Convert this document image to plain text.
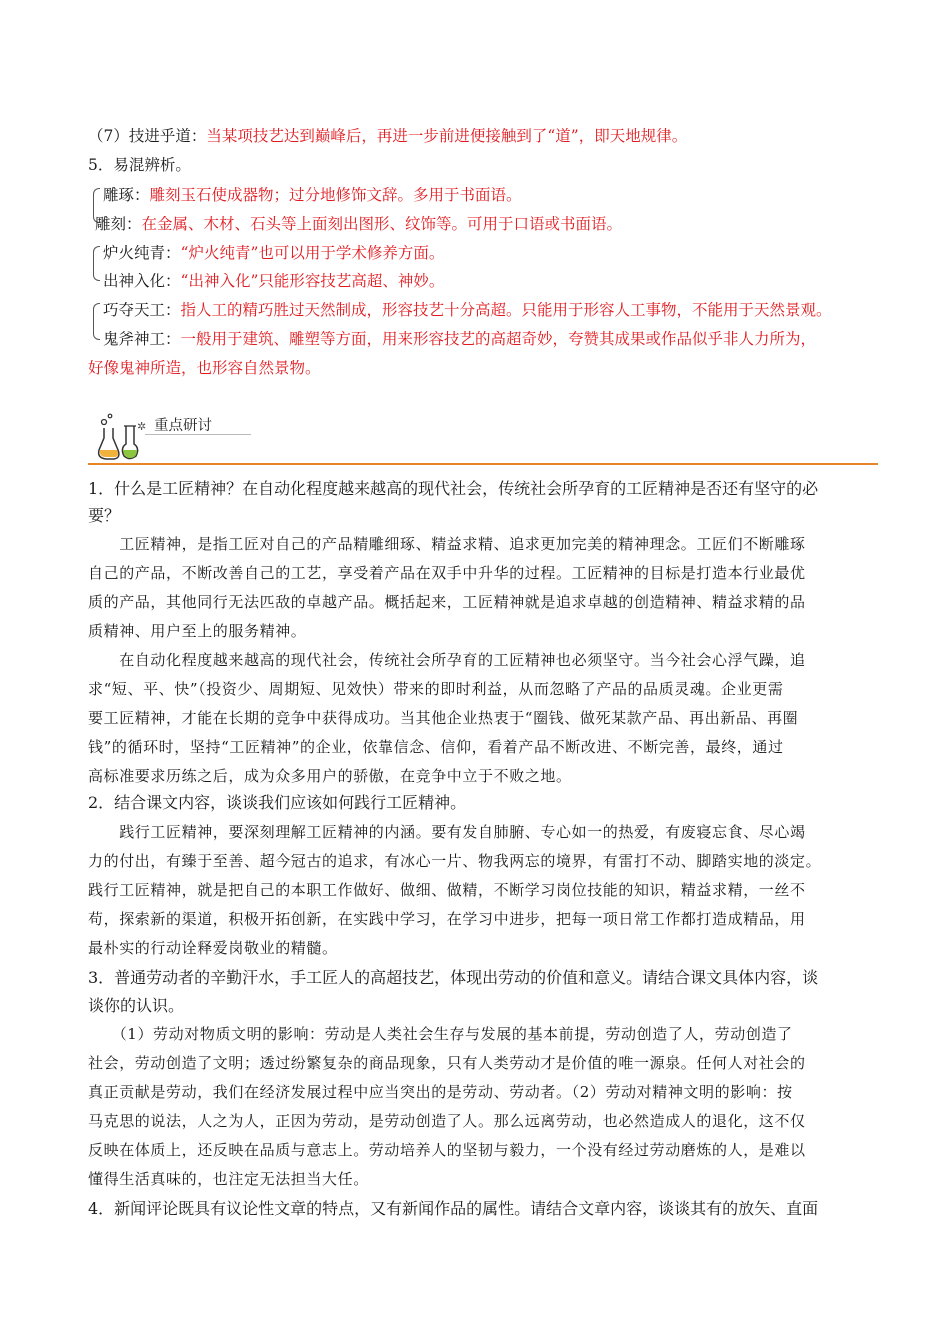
（7）技进乎道：当某项技艺达到巅峰后，再进一步前进便接触到了“道”，即天地规律。
5．易混辨析。
雕琢：雕刻玉石使成器物；过分地修饰文辞。多用于书面语。
雕刻：在金属、木材、石头等上面刻出图形、纹饰等。可用于口语或书面语。
炉火纯青：“炉火纯青”也可以用于学术修养方面。
出神入化：“出神入化”只能形容技艺高超、神妙。
巧夺天工：指人工的精巧胜过天然制成，形容技艺十分高超。只能用于形容人工事物，不能用于天然景观。
鬼斧神工：一般用于建筑、雕塑等方面，用来形容技艺的高超奇妙，夸赞其成果或作品似乎非人力所为，
好像鬼神所造，也形容自然景物。
✲ 重点研讨
1．什么是工匠精神？在自动化程度越来越高的现代社会，传统社会所孕育的工匠精神是否还有坚守的必
要？

　　工匠精神，是指工匠对自己的产品精雕细琢、精益求精、追求更加完美的精神理念。工匠们不断雕琢

自己的产品，不断改善自己的工艺，享受着产品在双手中升华的过程。工匠精神的目标是打造本行业最优

质的产品，其他同行无法匹敌的卓越产品。概括起来，工匠精神就是追求卓越的创造精神、精益求精的品

质精神、用户至上的服务精神。

　　在自动化程度越来越高的现代社会，传统社会所孕育的工匠精神也必须坚守。当今社会心浮气躁，追

求“短、平、快”（投资少、周期短、见效快）带来的即时利益，从而忽略了产品的品质灵魂。企业更需

要工匠精神，才能在长期的竞争中获得成功。当其他企业热衷于“圈钱、做死某款产品、再出新品、再圈

钱”的循环时，坚持“工匠精神”的企业，依靠信念、信仰，看着产品不断改进、不断完善，最终，通过

高标准要求历练之后，成为众多用户的骄傲，在竞争中立于不败之地。

2．结合课文内容，谈谈我们应该如何践行工匠精神。

　　践行工匠精神，要深刻理解工匠精神的内涵。要有发自肺腑、专心如一的热爱，有废寝忘食、尽心竭

力的付出，有臻于至善、超今冠古的追求，有冰心一片、物我两忘的境界，有雷打不动、脚踏实地的淡定。

践行工匠精神，就是把自己的本职工作做好、做细、做精，不断学习岗位技能的知识，精益求精，一丝不

苟，探索新的渠道，积极开拓创新，在实践中学习，在学习中进步，把每一项日常工作都打造成精品，用

最朴实的行动诠释爱岗敬业的精髓。

3．普通劳动者的辛勤汗水，手工匠人的高超技艺，体现出劳动的价值和意义。请结合课文具体内容，谈
谈你的认识。

　　（1）劳动对物质文明的影响：劳动是人类社会生存与发展的基本前提，劳动创造了人，劳动创造了

社会，劳动创造了文明；透过纷繁复杂的商品现象，只有人类劳动才是价值的唯一源泉。任何人对社会的

真正贡献是劳动，我们在经济发展过程中应当突出的是劳动、劳动者。（2）劳动对精神文明的影响：按

马克思的说法，人之为人，正因为劳动，是劳动创造了人。那么远离劳动，也必然造成人的退化，这不仅

反映在体质上，还反映在品质与意志上。劳动培养人的坚韧与毅力，一个没有经过劳动磨炼的人，是难以

懂得生活真味的，也注定无法担当大任。

4．新闻评论既具有议论性文章的特点，又有新闻作品的属性。请结合文章内容，谈谈其有的放矢、直面
